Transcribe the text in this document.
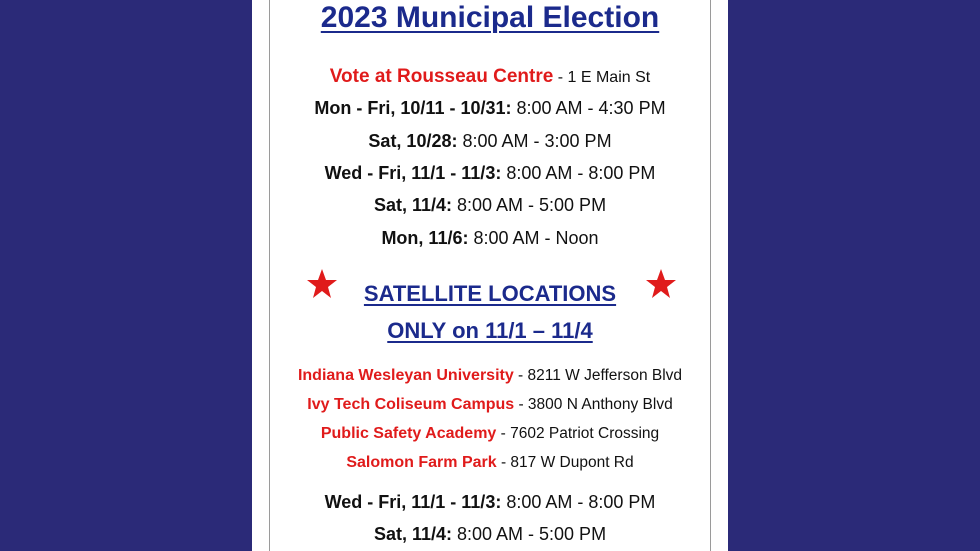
2023 Municipal Election
Vote at Rousseau Centre - 1 E Main St
Mon - Fri, 10/11 - 10/31: 8:00 AM - 4:30 PM
Sat, 10/28: 8:00 AM - 3:00 PM
Wed - Fri, 11/1 - 11/3: 8:00 AM - 8:00 PM
Sat, 11/4: 8:00 AM - 5:00 PM
Mon, 11/6: 8:00 AM - Noon
SATELLITE LOCATIONS
ONLY on 11/1 – 11/4
Indiana Wesleyan University - 8211 W Jefferson Blvd
Ivy Tech Coliseum Campus - 3800 N Anthony Blvd
Public Safety Academy - 7602 Patriot Crossing
Salomon Farm Park - 817 W Dupont Rd
Wed - Fri, 11/1 - 11/3: 8:00 AM - 8:00 PM
Sat, 11/4: 8:00 AM - 5:00 PM
